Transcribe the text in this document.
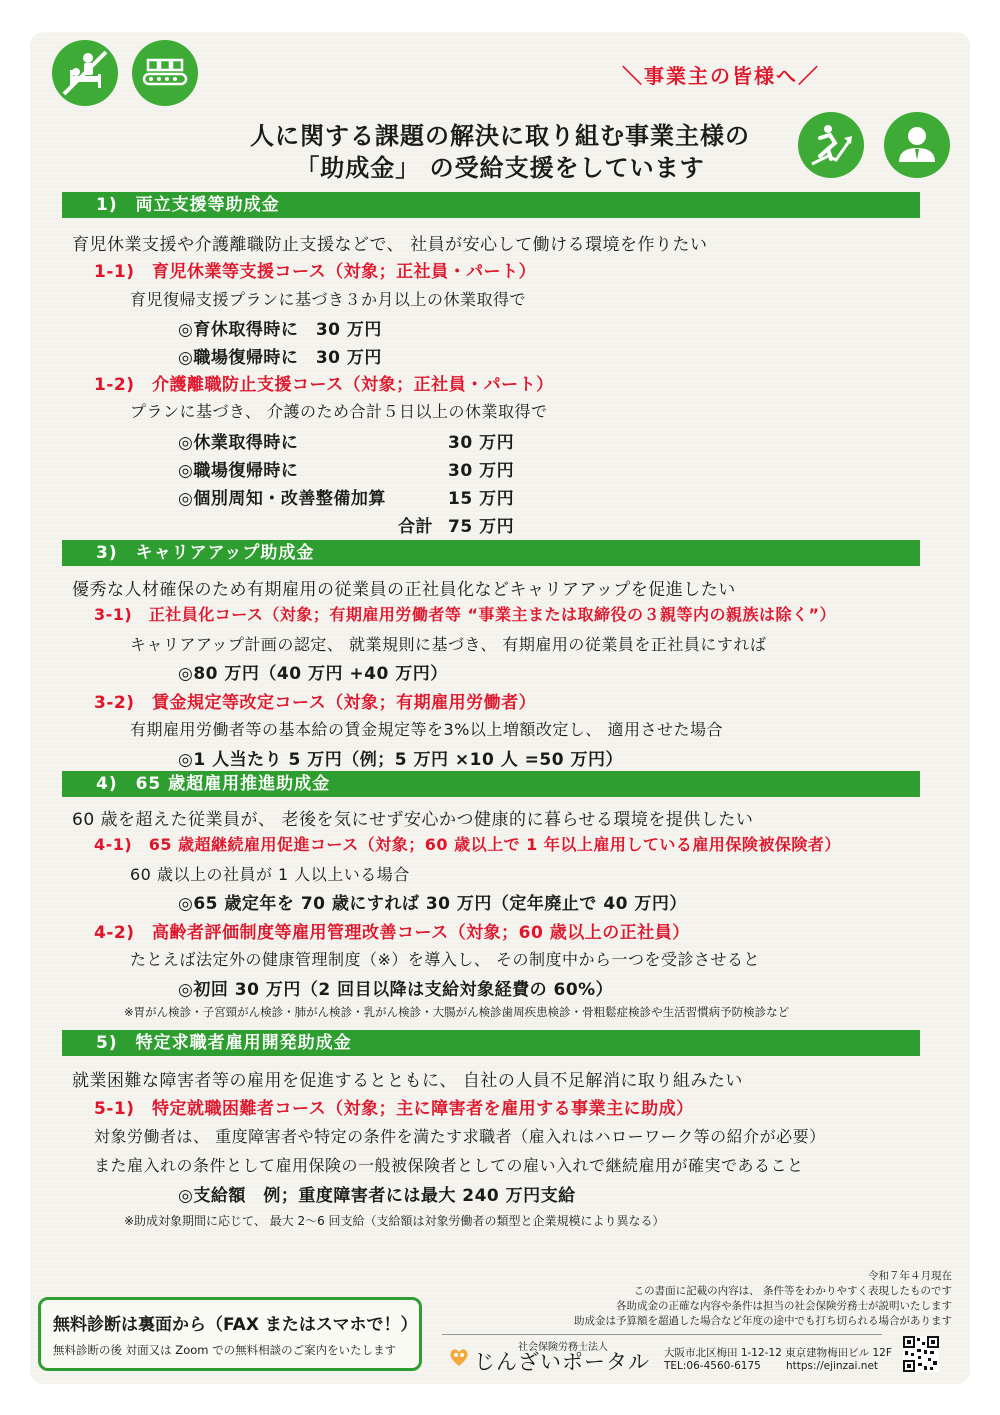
＼事業主の皆様へ／
人に関する課題の解決に取り組む事業主様の
「助成金」 の受給支援をしています
1)　両立支援等助成金
育児休業支援や介護離職防止支援などで、 社員が安心して働ける環境を作りたい
1-1)　育児休業等支援コース（対象；正社員・パート）
育児復帰支援プランに基づき３か月以上の休業取得で
◎育休取得時に　30 万円
◎職場復帰時に　30 万円
1-2)　介護離職防止支援コース（対象；正社員・パート）
プランに基づき、 介護のため合計５日以上の休業取得で
◎休業取得時に	30 万円
◎職場復帰時に	30 万円
◎個別周知・改善整備加算	15 万円
合計 75 万円
3)　キャリアアップ助成金
優秀な人材確保のため有期雇用の従業員の正社員化などキャリアアップを促進したい
3-1)　正社員化コース（対象；有期雇用労働者等 “事業主または取締役の３親等内の親族は除く”）
キャリアアップ計画の認定、 就業規則に基づき、 有期雇用の従業員を正社員にすれば
◎80 万円（40 万円 +40 万円）
3-2)　賃金規定等改定コース（対象；有期雇用労働者）
有期雇用労働者等の基本給の賃金規定等を3%以上増額改定し、 適用させた場合
◎1 人当たり 5 万円（例；5 万円 ×10 人 =50 万円）
4)　65 歳超雇用推進助成金
60 歳を超えた従業員が、 老後を気にせず安心かつ健康的に暮らせる環境を提供したい
4-1)　65 歳超継続雇用促進コース（対象；60 歳以上で 1 年以上雇用している雇用保険被保険者）
60 歳以上の社員が 1 人以上いる場合
◎65 歳定年を 70 歳にすれば 30 万円（定年廃止で 40 万円）
4-2)　高齢者評価制度等雇用管理改善コース（対象；60 歳以上の正社員）
たとえば法定外の健康管理制度（※）を導入し、 その制度中から一つを受診させると
◎初回 30 万円（2 回目以降は支給対象経費の 60%）
※胃がん検診・子宮頸がん検診・肺がん検診・乳がん検診・大腸がん検診歯周疾患検診・骨粗鬆症検診や生活習慣病予防検診など
5)　特定求職者雇用開発助成金
就業困難な障害者等の雇用を促進するとともに、 自社の人員不足解消に取り組みたい
5-1)　特定就職困難者コース（対象；主に障害者を雇用する事業主に助成）
対象労働者は、 重度障害者や特定の条件を満たす求職者（雇入れはハローワーク等の紹介が必要）
また雇入れの条件として雇用保険の一般被保険者としての雇い入れで継続雇用が確実であること
◎支給額　例；重度障害者には最大 240 万円支給
※助成対象期間に応じて、 最大 2～6 回支給（支給額は対象労働者の類型と企業規模により異なる）
令和７年４月現在
この書面に記載の内容は、 条件等をわかりやすく表現したものです
各助成金の正確な内容や条件は担当の社会保険労務士が説明いたします
助成金は予算額を超過した場合など年度の途中でも打ち切られる場合があります
無料診断は裏面から（FAX またはスマホで！）
無料診断の後 対面又は Zoom での無料相談のご案内をいたします	社会保険労務士法人
じんざいポータル 大阪市北区梅田 1-12-12 東京建物梅田ビル 12F
TEL:06-4560-6175 https://ejinzai.net
